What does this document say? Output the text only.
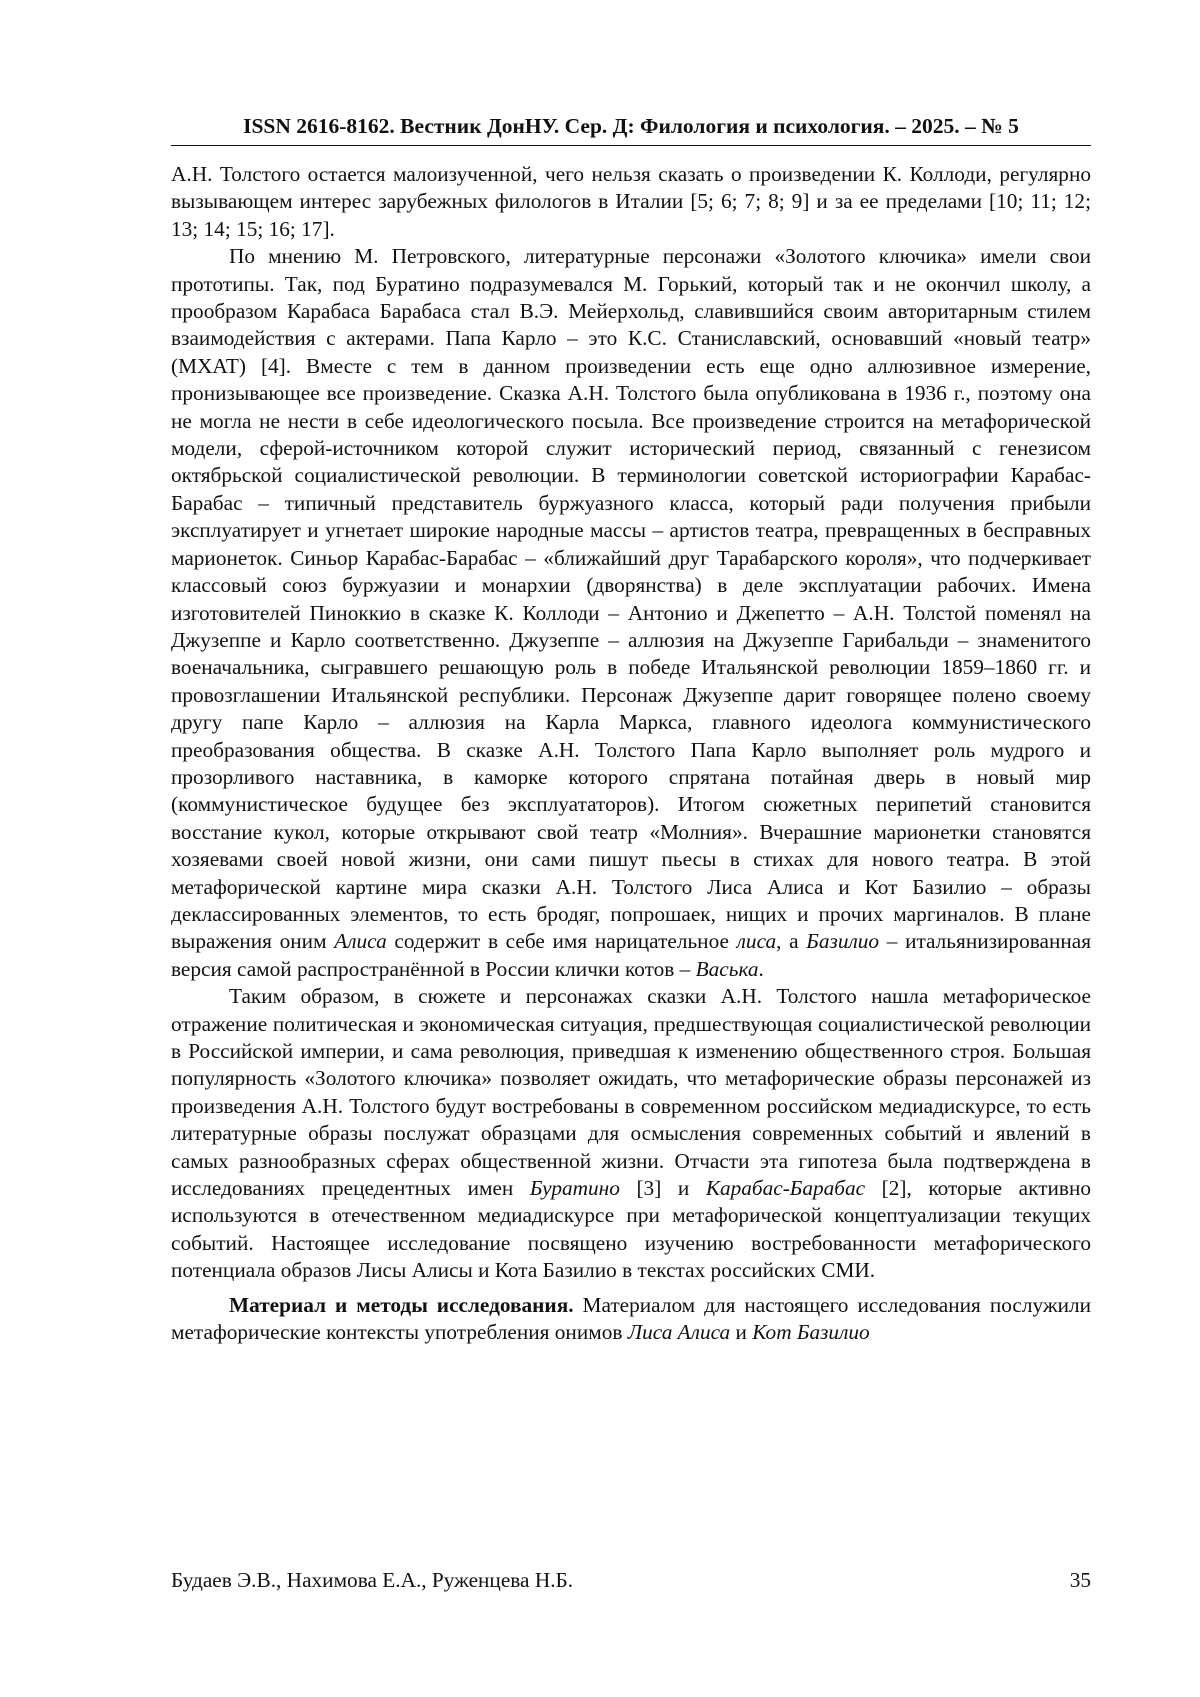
ISSN 2616-8162. Вестник ДонНУ. Сер. Д: Филология и психология. – 2025. – № 5

А.Н. Толстого остается малоизученной, чего нельзя сказать о произведении К. Коллоди, регулярно вызывающем интерес зарубежных филологов в Италии [5; 6; 7; 8; 9] и за ее пределами [10; 11; 12; 13; 14; 15; 16; 17].

По мнению М. Петровского, литературные персонажи «Золотого ключика» имели свои прототипы. Так, под Буратино подразумевался М. Горький, который так и не окончил школу, а прообразом Карабаса Барабаса стал В.Э. Мейерхольд, славившийся своим авторитарным стилем взаимодействия с актерами. Папа Карло – это К.С. Станиславский, основавший «новый театр» (МХАТ) [4]. Вместе с тем в данном произведении есть еще одно аллюзивное измерение, пронизывающее все произведение. Сказка А.Н. Толстого была опубликована в 1936 г., поэтому она не могла не нести в себе идеологического посыла. Все произведение строится на метафорической модели, сферой-источником которой служит исторический период, связанный с генезисом октябрьской социалистической революции. В терминологии советской историографии Карабас-Барабас – типичный представитель буржуазного класса, который ради получения прибыли эксплуатирует и угнетает широкие народные массы – артистов театра, превращенных в бесправных марионеток. Синьор Карабас-Барабас – «ближайший друг Тарабарского короля», что подчеркивает классовый союз буржуазии и монархии (дворянства) в деле эксплуатации рабочих. Имена изготовителей Пиноккио в сказке К. Коллоди – Антонио и Джепетто – А.Н. Толстой поменял на Джузеппе и Карло соответственно. Джузеппе – аллюзия на Джузеппе Гарибальди – знаменитого военачальника, сыгравшего решающую роль в победе Итальянской революции 1859–1860 гг. и провозглашении Итальянской республики. Персонаж Джузеппе дарит говорящее полено своему другу папе Карло – аллюзия на Карла Маркса, главного идеолога коммунистического преобразования общества. В сказке А.Н. Толстого Папа Карло выполняет роль мудрого и прозорливого наставника, в каморке которого спрятана потайная дверь в новый мир (коммунистическое будущее без эксплуататоров). Итогом сюжетных перипетий становится восстание кукол, которые открывают свой театр «Молния». Вчерашние марионетки становятся хозяевами своей новой жизни, они сами пишут пьесы в стихах для нового театра. В этой метафорической картине мира сказки А.Н. Толстого Лиса Алиса и Кот Базилио – образы деклассированных элементов, то есть бродяг, попрошаек, нищих и прочих маргиналов. В плане выражения оним Алиса содержит в себе имя нарицательное лиса, а Базилио – итальянизированная версия самой распространённой в России клички котов – Васька.

Таким образом, в сюжете и персонажах сказки А.Н. Толстого нашла метафорическое отражение политическая и экономическая ситуация, предшествующая социалистической революции в Российской империи, и сама революция, приведшая к изменению общественного строя. Большая популярность «Золотого ключика» позволяет ожидать, что метафорические образы персонажей из произведения А.Н. Толстого будут востребованы в современном российском медиадискурсе, то есть литературные образы послужат образцами для осмысления современных событий и явлений в самых разнообразных сферах общественной жизни. Отчасти эта гипотеза была подтверждена в исследованиях прецедентных имен Буратино [3] и Карабас-Барабас [2], которые активно используются в отечественном медиадискурсе при метафорической концептуализации текущих событий. Настоящее исследование посвящено изучению востребованности метафорического потенциала образов Лисы Алисы и Кота Базилио в текстах российских СМИ.

Материал и методы исследования. Материалом для настоящего исследования послужили метафорические контексты употребления онимов Лиса Алиса и Кот Базилио

Будаев Э.В., Нахимова Е.А., Руженцева Н.Б.	35
